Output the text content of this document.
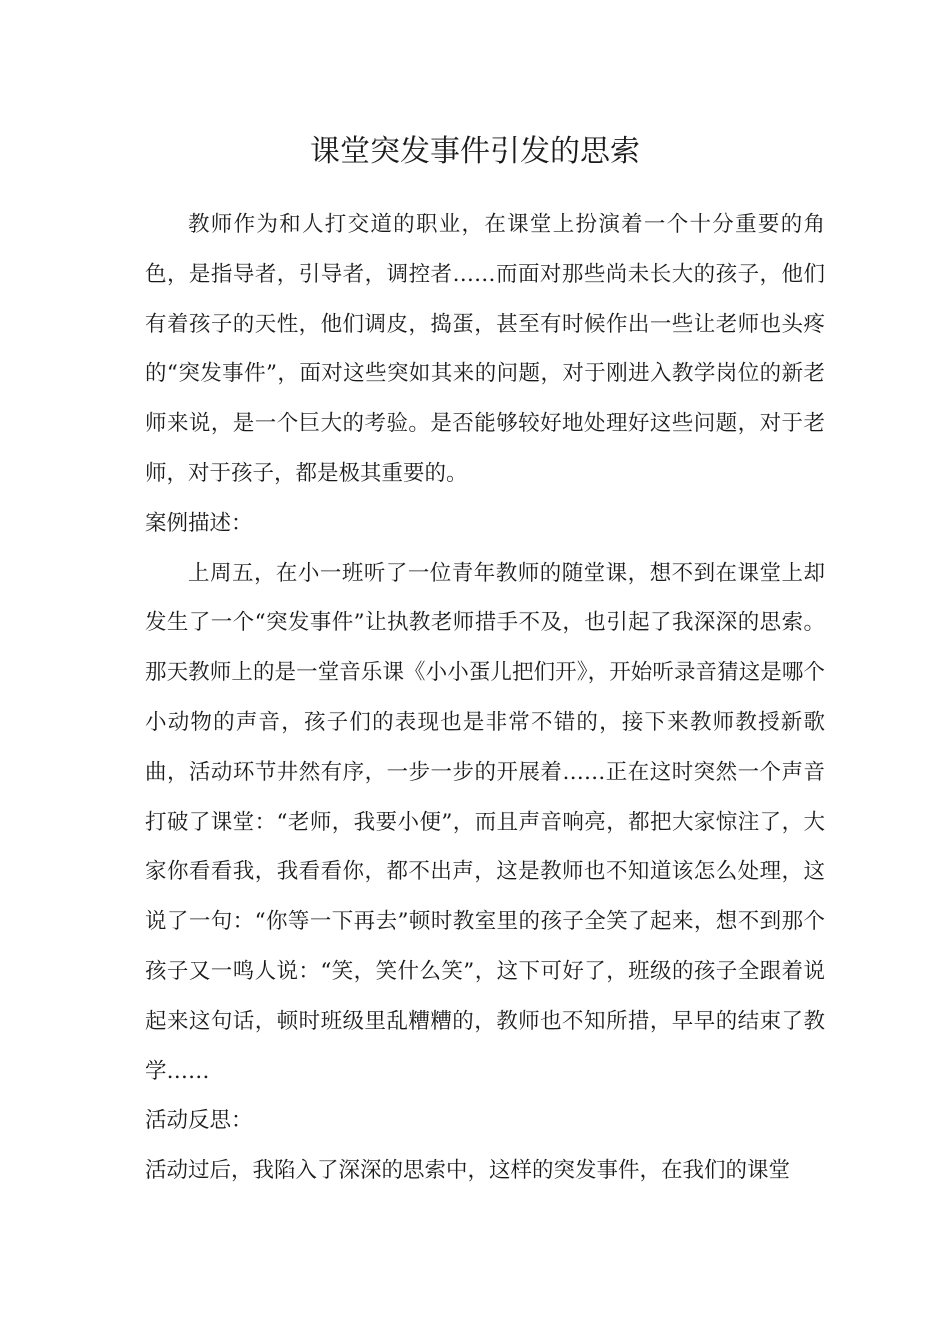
课堂突发事件引发的思索

教师作为和人打交道的职业，在课堂上扮演着一个十分重要的角色，是指导者，引导者，调控者……而面对那些尚未长大的孩子，他们有着孩子的天性，他们调皮，捣蛋，甚至有时候作出一些让老师也头疼的“突发事件”，面对这些突如其来的问题，对于刚进入教学岗位的新老师来说，是一个巨大的考验。是否能够较好地处理好这些问题，对于老师，对于孩子，都是极其重要的。

案例描述：

上周五，在小一班听了一位青年教师的随堂课，想不到在课堂上却发生了一个“突发事件”让执教老师措手不及，也引起了我深深的思索。那天教师上的是一堂音乐课《小小蛋儿把们开》，开始听录音猜这是哪个小动物的声音，孩子们的表现也是非常不错的，接下来教师教授新歌曲，活动环节井然有序，一步一步的开展着……正在这时突然一个声音打破了课堂：“老师，我要小便”，而且声音响亮，都把大家惊注了，大家你看看我，我看看你，都不出声，这是教师也不知道该怎么处理，这说了一句：“你等一下再去”顿时教室里的孩子全笑了起来，想不到那个孩子又一鸣人说：“笑，笑什么笑”，这下可好了，班级的孩子全跟着说起来这句话，顿时班级里乱糟糟的，教师也不知所措，早早的结束了教学……

活动反思：

活动过后，我陷入了深深的思索中，这样的突发事件，在我们的课堂
